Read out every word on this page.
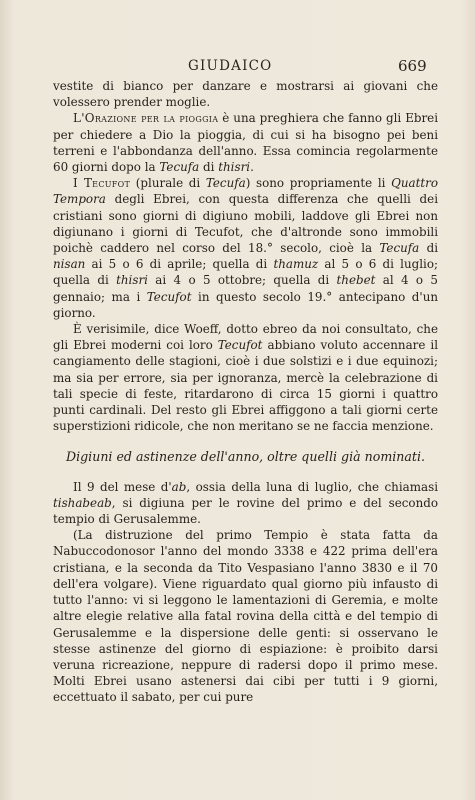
GIUDAICO	669

vestite di bianco per danzare e mostrarsi ai giovani che volessero prender moglie.

L'Orazione per la pioggia è una preghiera che fanno gli Ebrei per chiedere a Dio la pioggia, di cui si ha bisogno pei beni terreni e l'abbondanza dell'anno. Essa comincia regolarmente 60 giorni dopo la Tecufa di thisri.

I Tecufot (plurale di Tecufa) sono propriamente li Quattro Tempora degli Ebrei, con questa differenza che quelli dei cristiani sono giorni di digiuno mobili, laddove gli Ebrei non digiunano i giorni di Tecufot, che d'altronde sono immobili poichè caddero nel corso del 18.° secolo, cioè la Tecufa di nisan ai 5 o 6 di aprile; quella di thamuz al 5 o 6 di luglio; quella di thisri ai 4 o 5 ottobre; quella di thebet al 4 o 5 gennaio; ma i Tecufot in questo secolo 19.° antecipano d'un giorno.

È verisimile, dice Woeff, dotto ebreo da noi consultato, che gli Ebrei moderni coi loro Tecufot abbiano voluto accennare il cangiamento delle stagioni, cioè i due solstizi e i due equinozi; ma sia per errore, sia per ignoranza, mercè la celebrazione di tali specie di feste, ritardarono di circa 15 giorni i quattro punti cardinali. Del resto gli Ebrei affiggono a tali giorni certe superstizioni ridicole, che non meritano se ne faccia menzione.

Digiuni ed astinenze dell'anno, oltre quelli già nominati.

Il 9 del mese d'ab, ossia della luna di luglio, che chiamasi tishabeab, si digiuna per le rovine del primo e del secondo tempio di Gerusalemme.

(La distruzione del primo Tempio è stata fatta da Nabuccodonosor l'anno del mondo 3338 e 422 prima dell'era cristiana, e la seconda da Tito Vespasiano l'anno 3830 e il 70 dell'era volgare). Viene riguardato qual giorno più infausto di tutto l'anno: vi si leggono le lamentazioni di Geremia, e molte altre elegie relative alla fatal rovina della città e del tempio di Gerusalemme e la dispersione delle genti: si osservano le stesse astinenze del giorno di espiazione: è proibito darsi veruna ricreazione, neppure di radersi dopo il primo mese. Molti Ebrei usano astenersi dai cibi per tutti i 9 giorni, eccettuato il sabato, per cui pure
